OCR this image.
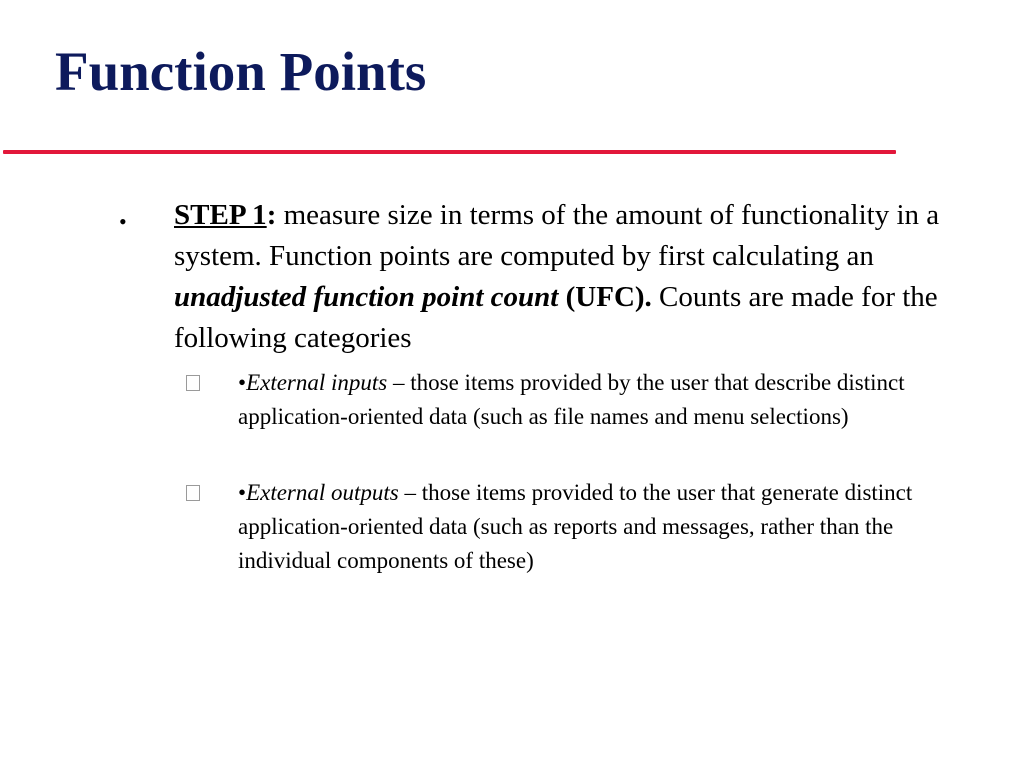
Function Points
• STEP 1: measure size in terms of the amount of functionality in a system. Function points are computed by first calculating an unadjusted function point count (UFC). Counts are made for the following categories

•External inputs – those items provided by the user that describe distinct application-oriented data (such as file names and menu selections)

•External outputs – those items provided to the user that generate distinct application-oriented data (such as reports and messages, rather than the individual components of these)
